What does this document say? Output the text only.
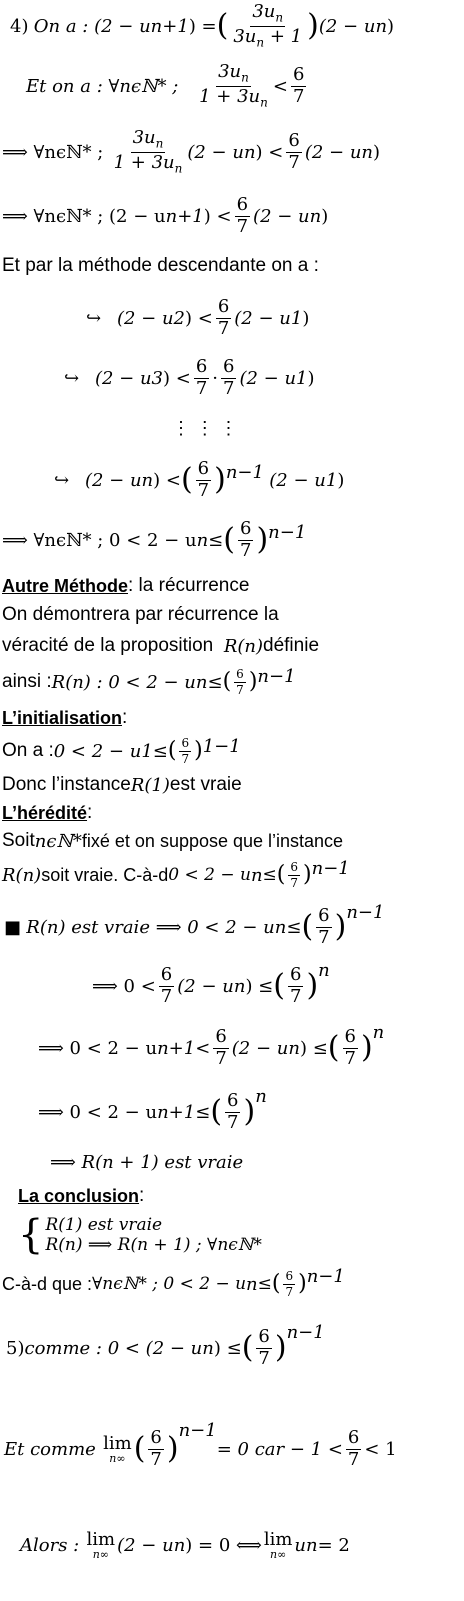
4)
On a : (2 − u n+1 ) = ( $\frac{3u_n}{3u_n + 1}$ ) (2 − u n )
Et on a : ∀nϵℕ* ;
$\frac{3u_n}{1 + 3u_n} < \frac{6}{7}$
⟹ ∀nϵℕ* ;
$\frac{3u_n}{1 + 3u_n} (2 - u$ n ) < $\frac{6}{7} (2 - u$ n )
⟹ ∀nϵℕ* ; (2 − u n+1 ) < $\frac{6}{7} (2 - u$ n )
Et par la méthode descendante on a :
↪
(2 − u 2 ) < $\frac{6}{7} (2 - u$ 1 )
↪
(2 − u 3 ) < $\frac{6}{7} \cdot \frac{6}{7} (2 - u$ 1 )
⋮ ⋮ ⋮
↪
(2 − u n ) < ( $\frac{6}{7}$ ) n−1
(2 − u 1 )
⟹ ∀nϵℕ* ; 0 < 2 − u n ≤ ( $\frac{6}{7}$ ) n−1
Autre Méthode : la récurrence
On démontrera par récurrence la
véracité de la proposition
R(n) définie
ainsi : R(n) : 0 < 2 − u n ≤ ( $\frac{6}{7}$ ) n−1
L’initialisation :
On a : 0 < 2 − u 1 ≤ ( $\frac{6}{7}$ ) 1−1
Donc l’instance R(1) est vraie
L’hérédité :
Soit nϵℕ* fixé et on suppose que l’instance
R(n) soit vraie. C-à-d 0 < 2 − u n ≤ ( $\frac{6}{7}$ ) n−1
■
R(n) est vraie ⟹ 0 < 2 − u n ≤ ( $\frac{6}{7}$ ) n−1
⟹ $0 < \frac{6}{7} (2 - u$ n ) ≤ ( $\frac{6}{7}$ ) n
⟹ 0 < 2 − u $n+1 < \frac{6}{7} (2 - u$ n ) ≤ ( $\frac{6}{7}$ ) n
⟹ 0 < 2 − u n+1 ≤ ( $\frac{6}{7}$ ) n
⟹ R(n + 1) est vraie
La conclusion :
{ R(1) est vraie
R(n) ⟹ R(n + 1) ; ∀nϵℕ*
C-à-d que : ∀nϵℕ* ; 0 < 2 − u n ≤ ( $\frac{6}{7}$ ) n−1
5) comme : 0 < (2 − u n ) ≤ ( $\frac{6}{7}$ ) n−1
Et comme
lim
n∞ ( $\frac{6}{7}$ )
n−1
= 0 car − $1 < \frac{6}{7} < 1$
Alors :
lim
n∞ (2 − u n ) = 0 ⟺ lim
n∞ u n = 2
